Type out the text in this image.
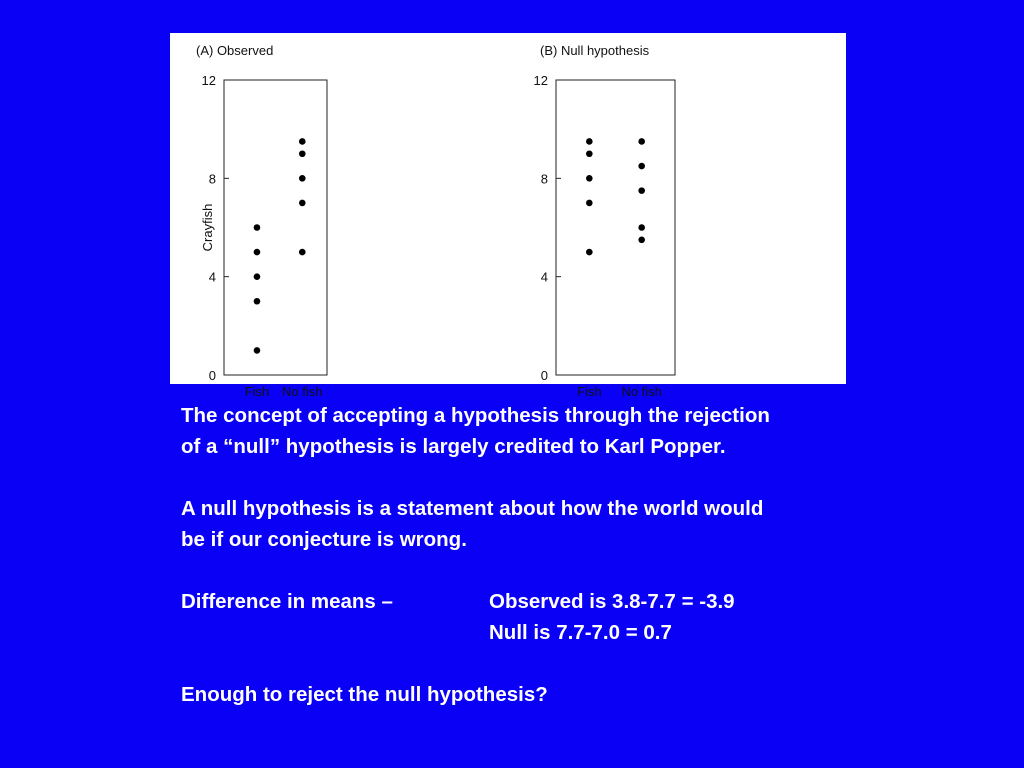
(A) Observed
0
4
8
12
Fish No fish
Crayfish
(B) Null hypothesis
0
4
8
12
Fish No fish

The concept of accepting a hypothesis through the rejection

of a “null” hypothesis is largely credited to Karl Popper.

A null hypothesis is a statement about how the world would

be if our conjecture is wrong.

Difference in means –	Observed is 3.8-7.7 = -3.9
Null is 7.7-7.0 = 0.7

Enough to reject the null hypothesis?
